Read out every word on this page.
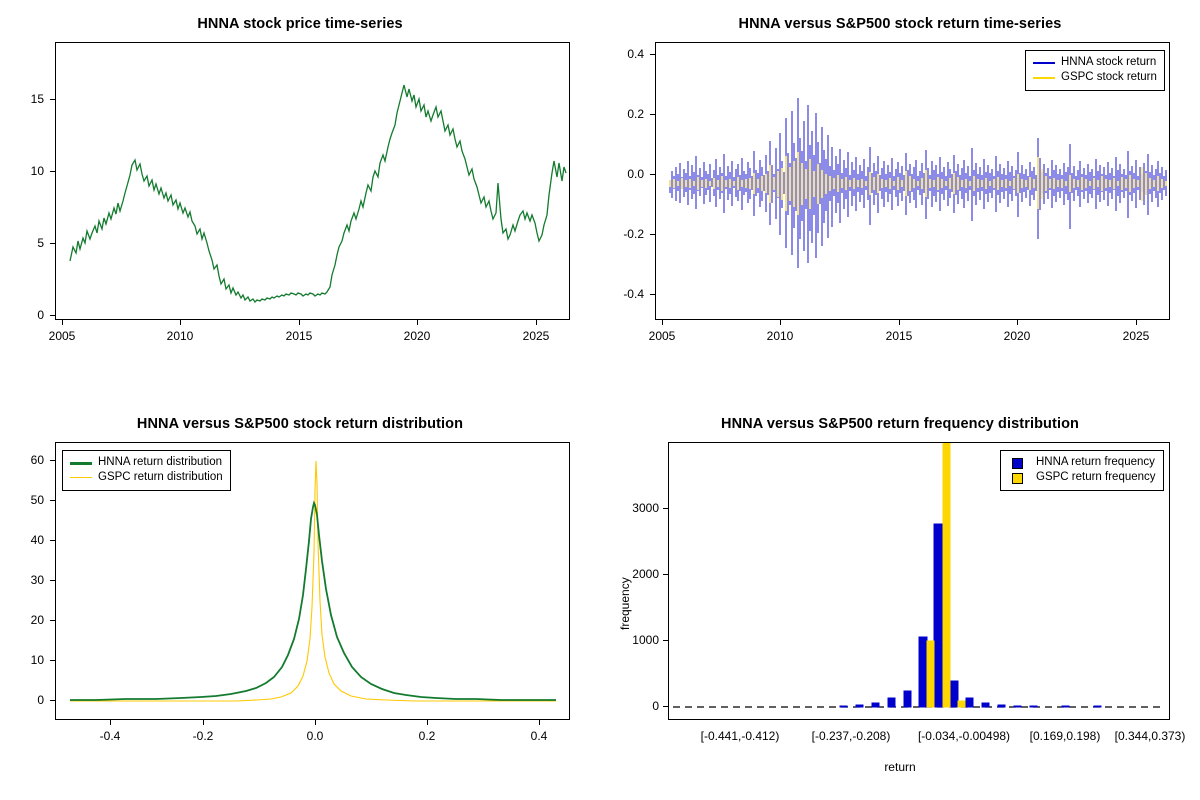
HNNA stock price time-series
2005	2010	2015	2020	2025
0
5
10
15
HNNA versus S&P500 stock return time-series
HNNA stock return
GSPC stock return
2005	2010	2015	2020	2025
-0.4
-0.2
0.0
0.2
0.4
HNNA versus S&P500 stock return distribution
HNNA return distribution
GSPC return distribution
-0.4	-0.2	0.0	0.2	0.4
0
10
20
30
40
50
60
HNNA versus S&P500 return frequency distribution
HNNA return frequency
GSPC return frequency
[-0.441,-0.412)	[-0.237,-0.208) [-0.034,-0.00498) [0.169,0.198) [0.344,0.373)
0
1000
2000
3000
frequency
return
